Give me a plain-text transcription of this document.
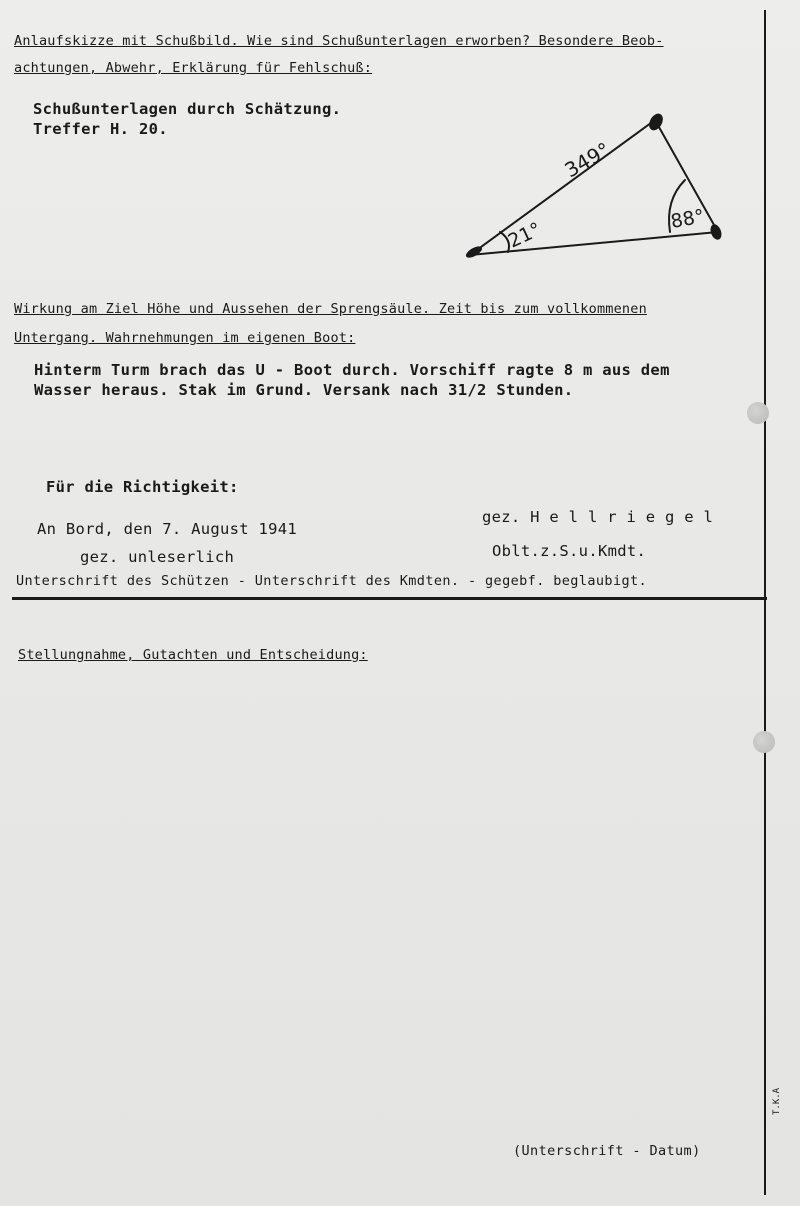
Anlaufskizze mit Schußbild. Wie sind Schußunterlagen erworben? Besondere Beob-
achtungen, Abwehr, Erklärung für Fehlschuß:
Schußunterlagen durch Schätzung.
Treffer H. 20.
349°
21°	88°
Wirkung am Ziel Höhe und Aussehen der Sprengsäule. Zeit bis zum vollkommenen
Untergang. Wahrnehmungen im eigenen Boot:
Hinterm Turm brach das U - Boot durch. Vorschiff ragte 8 m aus dem
Wasser heraus. Stak im Grund. Versank nach 31/2 Stunden.
Für die Richtigkeit:
An Bord, den 7. August 1941
gez. unleserlich
gez. H e l l r i e g e l
Oblt.z.S.u.Kmdt.
Unterschrift des Schützen - Unterschrift des Kmdten. - gegebf. beglaubigt.
Stellungnahme, Gutachten und Entscheidung:
(Unterschrift - Datum)
T.K.A
